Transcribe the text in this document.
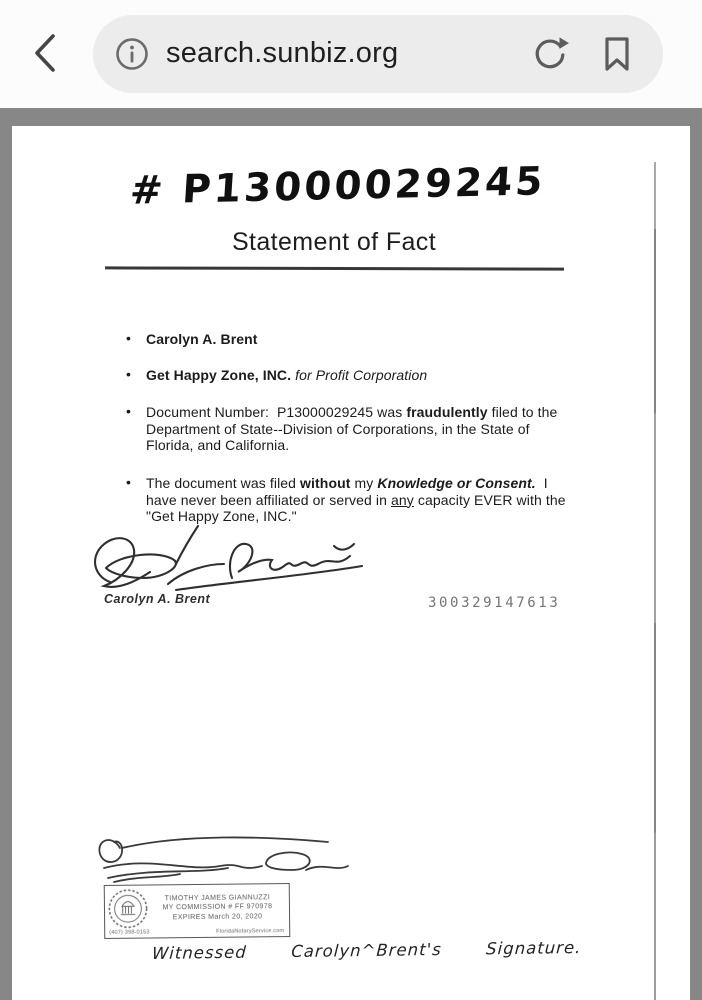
search.sunbiz.org
# P13000029245
Statement of Fact
• Carolyn A. Brent
• Get Happy Zone, INC. for Profit Corporation
• Document Number:  P13000029245 was fraudulently filed to the Department of State--Division of Corporations, in the State of Florida, and California.
• The document was filed without my Knowledge or Consent.  I have never been affiliated or served in any capacity EVER with the "Get Happy Zone, INC."
Carolyn A. Brent	300329147613
TIMOTHY JAMES GIANNUZZI
MY COMMISSION # FF 970978
EXPIRES March 20, 2020
(407) 398-0153	FloridaNotaryService.com
Witnessed  Carolyn^Brent's  Signature.
